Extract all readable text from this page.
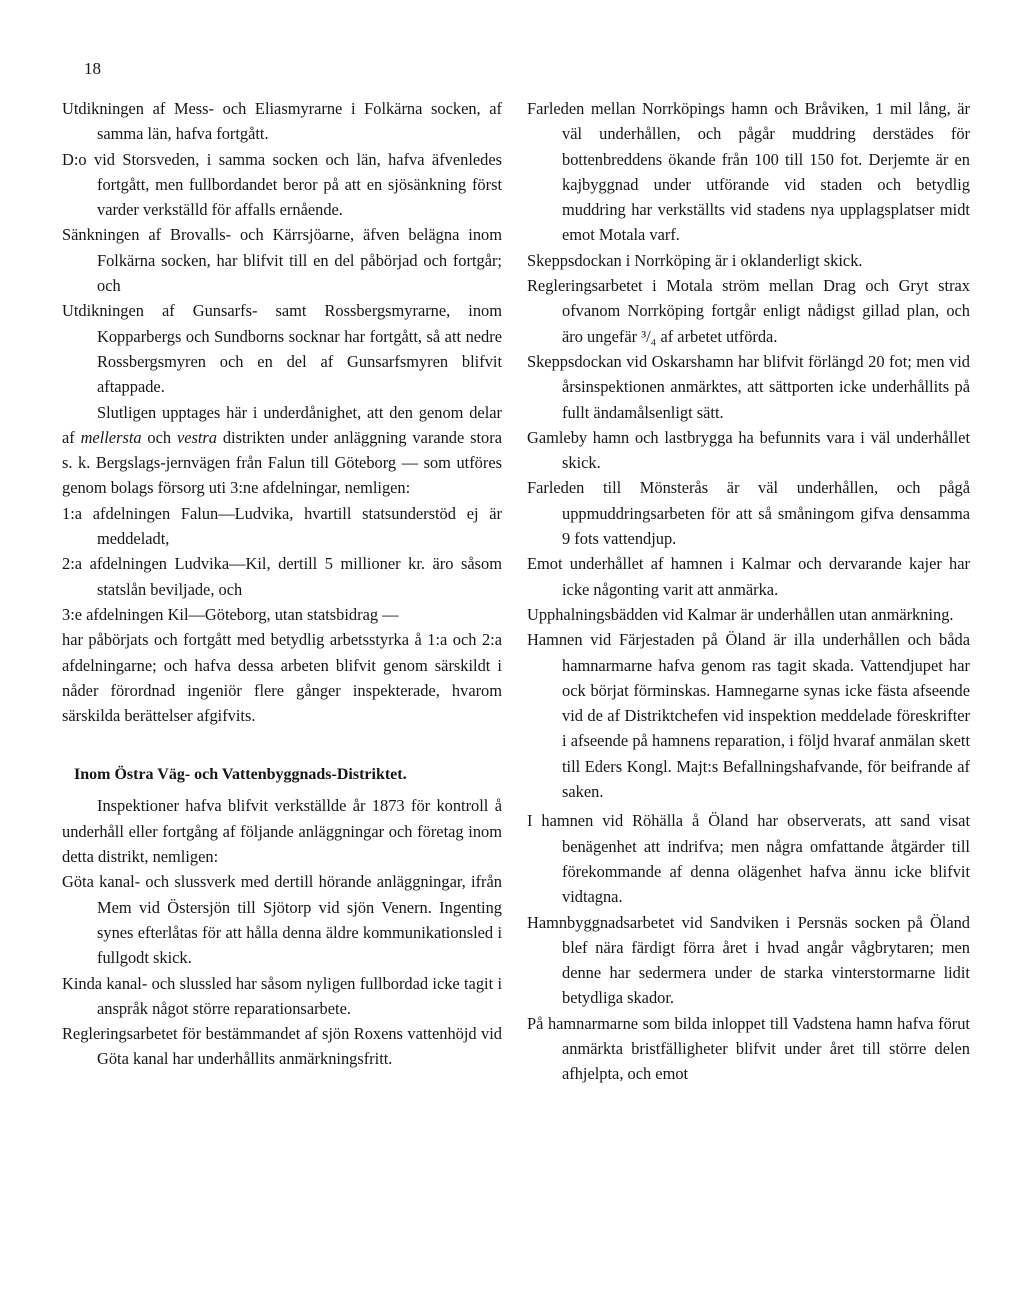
18

Utdikningen af Mess- och Eliasmyrarne i Folkärna socken, af samma län, hafva fortgått.

D:o vid Storsveden, i samma socken och län, hafva äfvenledes fortgått, men fullbordandet beror på att en sjösänkning först varder verkställd för affalls ernående.

Sänkningen af Brovalls- och Kärrsjöarne, äfven belägna inom Folkärna socken, har blifvit till en del påbörjad och fortgår; och

Utdikningen af Gunsarfs- samt Rossbergsmyrarne, inom Kopparbergs och Sundborns socknar har fortgått, så att nedre Rossbergsmyren och en del af Gunsarfsmyren blifvit aftappade.

Slutligen upptages här i underdånighet, att den genom delar af mellersta och vestra distrikten under anläggning varande stora s. k. Bergslags-jernvägen från Falun till Göteborg — som utföres genom bolags försorg uti 3:ne afdelningar, nemligen:

1:a afdelningen Falun—Ludvika, hvartill statsunderstöd ej är meddeladt,

2:a afdelningen Ludvika—Kil, dertill 5 millioner kr. äro såsom statslån beviljade, och

3:e afdelningen Kil—Göteborg, utan statsbidrag —

har påbörjats och fortgått med betydlig arbetsstyrka å 1:a och 2:a afdelningarne; och hafva dessa arbeten blifvit genom särskildt i nåder förordnad ingeniör flere gånger inspekterade, hvarom särskilda berättelser afgifvits.

Inom Östra Väg- och Vattenbyggnads-Distriktet.

Inspektioner hafva blifvit verkställde år 1873 för kontroll å underhåll eller fortgång af följande anläggningar och företag inom detta distrikt, nemligen:

Göta kanal- och slussverk med dertill hörande anläggningar, ifrån Mem vid Östersjön till Sjötorp vid sjön Venern. Ingenting synes efterlåtas för att hålla denna äldre kommunikationsled i fullgodt skick.

Kinda kanal- och slussled har såsom nyligen fullbordad icke tagit i anspråk något större reparationsarbete.

Regleringsarbetet för bestämmandet af sjön Roxens vattenhöjd vid Göta kanal har underhållits anmärkningsfritt.

Farleden mellan Norrköpings hamn och Bråviken, 1 mil lång, är väl underhållen, och pågår muddring derstädes för bottenbreddens ökande från 100 till 150 fot. Derjemte är en kajbyggnad under utförande vid staden och betydlig muddring har verkställts vid stadens nya upplagsplatser midt emot Motala varf.

Skeppsdockan i Norrköping är i oklanderligt skick.

Regleringsarbetet i Motala ström mellan Drag och Gryt strax ofvanom Norrköping fortgår enligt nådigst gillad plan, och äro ungefär ³/₄ af arbetet utförda.

Skeppsdockan vid Oskarshamn har blifvit förlängd 20 fot; men vid årsinspektionen anmärktes, att sättporten icke underhållits på fullt ändamålsenligt sätt.

Gamleby hamn och lastbrygga ha befunnits vara i väl underhållet skick.

Farleden till Mönsterås är väl underhållen, och pågå uppmuddringsarbeten för att så småningom gifva densamma 9 fots vattendjup.

Emot underhållet af hamnen i Kalmar och dervarande kajer har icke någonting varit att anmärka.

Upphalningsbädden vid Kalmar är underhållen utan anmärkning.

Hamnen vid Färjestaden på Öland är illa underhållen och båda hamnarmarne hafva genom ras tagit skada. Vattendjupet har ock börjat förminskas. Hamnegarne synas icke fästa afseende vid de af Distriktchefen vid inspektion meddelade föreskrifter i afseende på hamnens reparation, i följd hvaraf anmälan skett till Eders Kongl. Majt:s Befallningshafvande, för beifrande af saken.

I hamnen vid Röhälla å Öland har observerats, att sand visat benägenhet att indrifva; men några omfattande åtgärder till förekommande af denna olägenhet hafva ännu icke blifvit vidtagna.

Hamnbyggnadsarbetet vid Sandviken i Persnäs socken på Öland blef nära färdigt förra året i hvad angår vågbrytaren; men denne har sedermera under de starka vinterstormarne lidit betydliga skador.

På hamnarmarne som bilda inloppet till Vadstena hamn hafva förut anmärkta bristfälligheter blifvit under året till större delen afhjelpta, och emot
